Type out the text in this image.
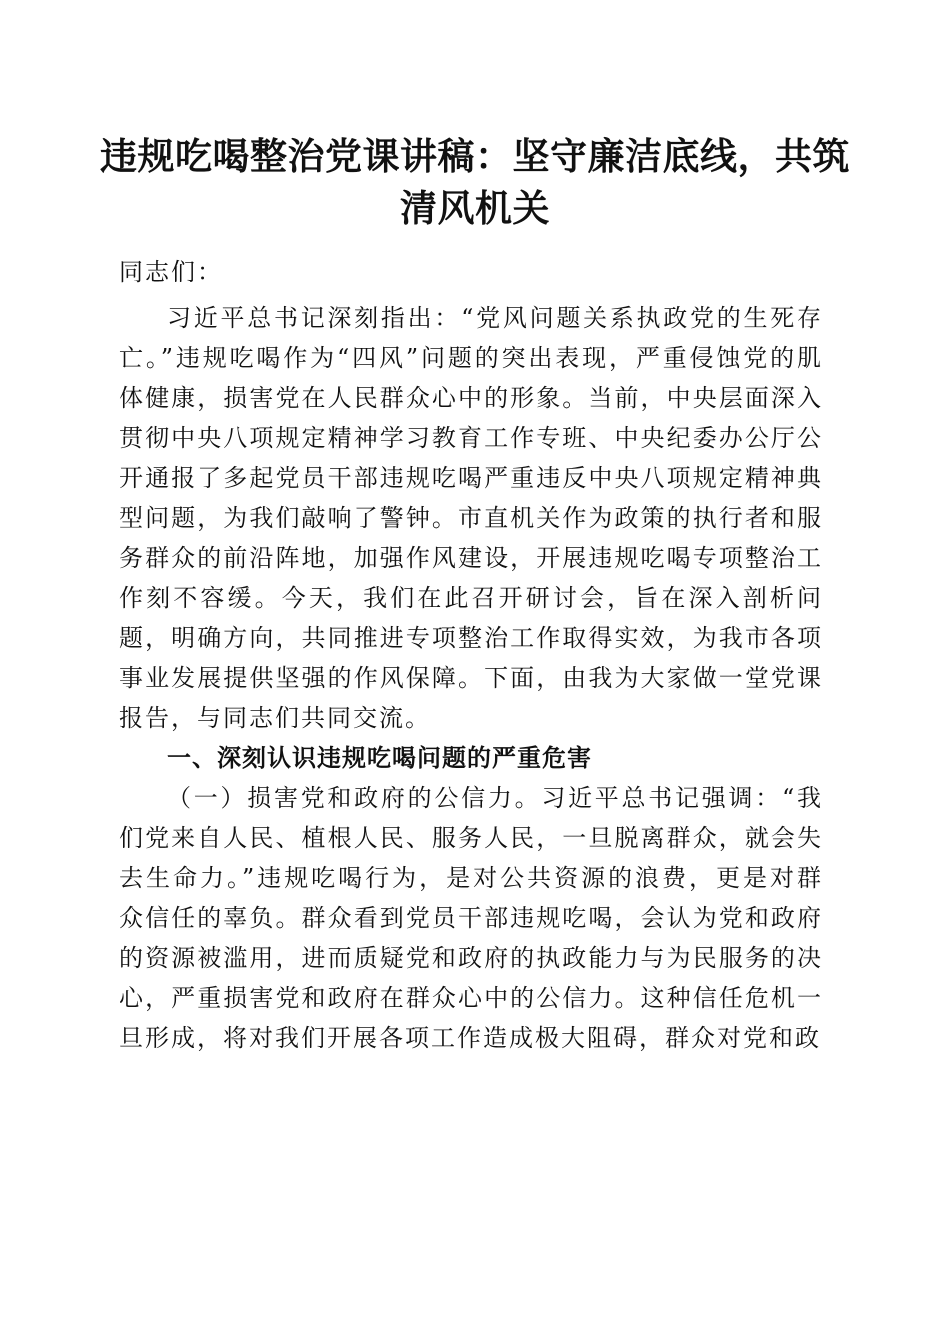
违规吃喝整治党课讲稿：坚守廉洁底线，共筑清风机关

同志们：

习近平总书记深刻指出：“党风问题关系执政党的生死存亡。”违规吃喝作为“四风”问题的突出表现，严重侵蚀党的肌体健康，损害党在人民群众心中的形象。当前，中央层面深入贯彻中央八项规定精神学习教育工作专班、中央纪委办公厅公开通报了多起党员干部违规吃喝严重违反中央八项规定精神典型问题，为我们敲响了警钟。市直机关作为政策的执行者和服务群众的前沿阵地，加强作风建设，开展违规吃喝专项整治工作刻不容缓。今天，我们在此召开研讨会，旨在深入剖析问题，明确方向，共同推进专项整治工作取得实效，为我市各项事业发展提供坚强的作风保障。下面，由我为大家做一堂党课报告，与同志们共同交流。

一、深刻认识违规吃喝问题的严重危害

（一）损害党和政府的公信力。习近平总书记强调：“我们党来自人民、植根人民、服务人民，一旦脱离群众，就会失去生命力。”违规吃喝行为，是对公共资源的浪费，更是对群众信任的辜负。群众看到党员干部违规吃喝，会认为党和政府的资源被滥用，进而质疑党和政府的执政能力与为民服务的决心，严重损害党和政府在群众心中的公信力。这种信任危机一旦形成，将对我们开展各项工作造成极大阻碍，群众对党和政
